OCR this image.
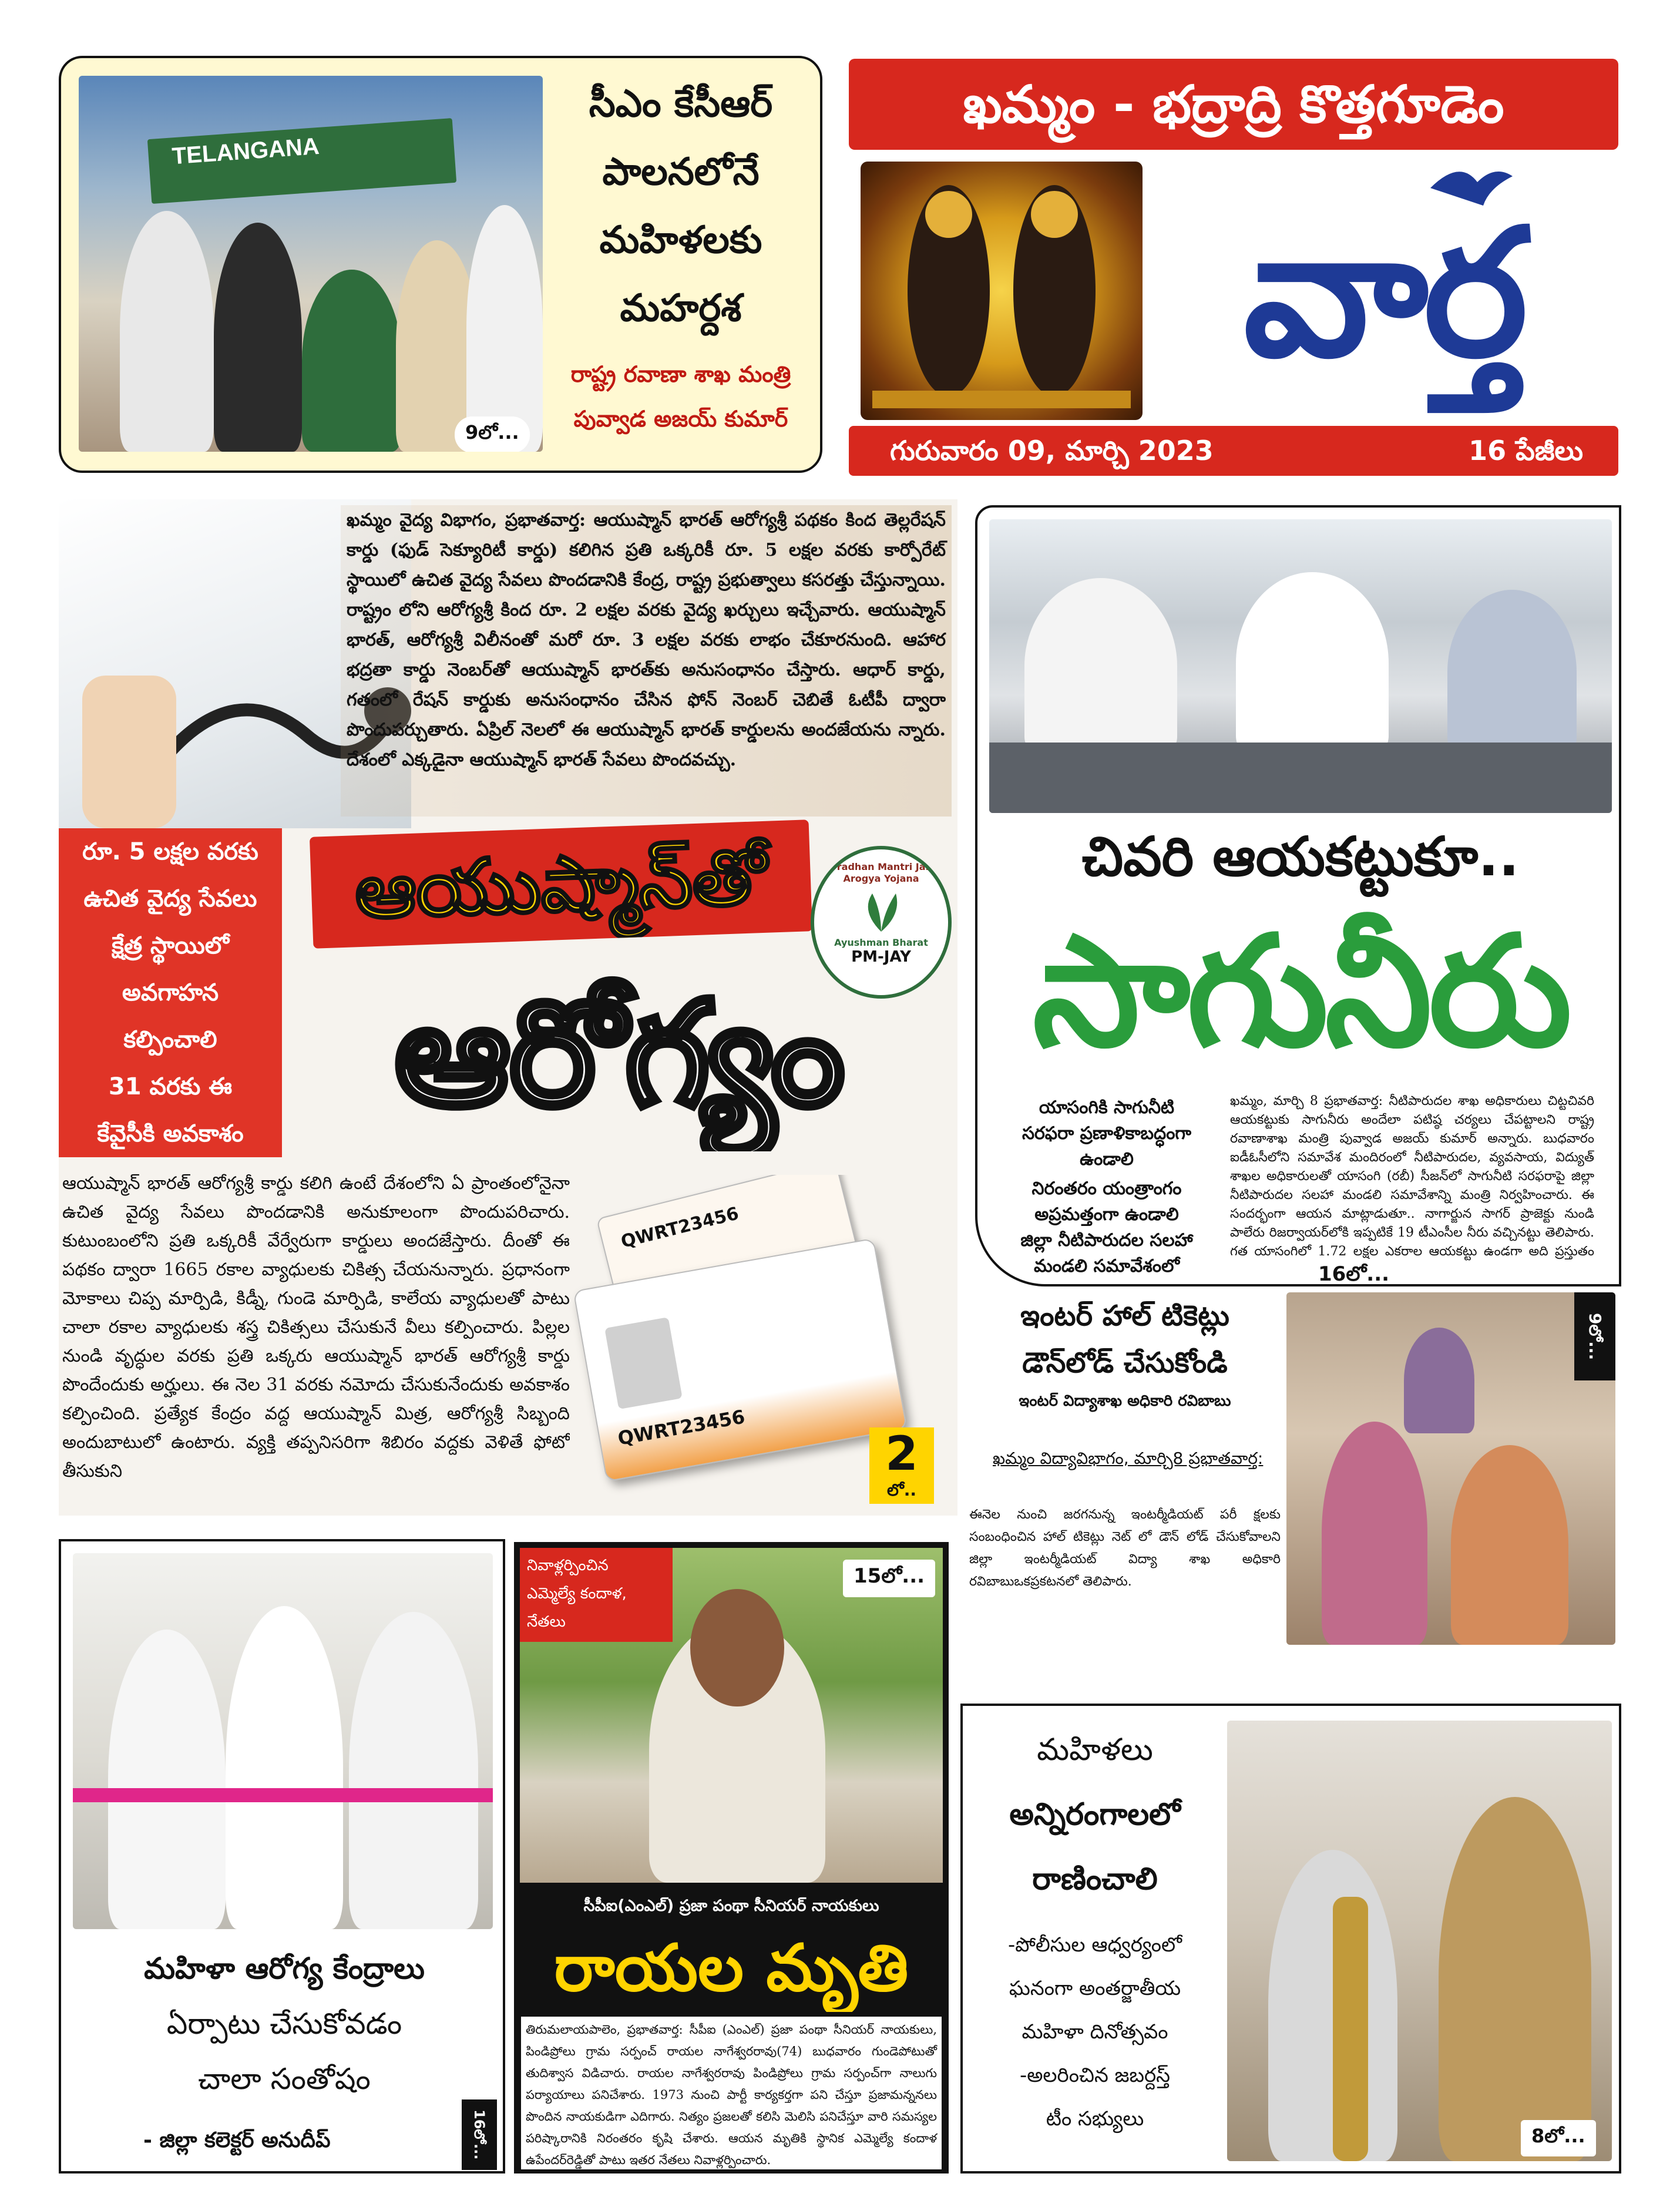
TELANGANA
9లో...
సీఎం కేసీఆర్
పాలనలోనే
మహిళలకు
మహర్దశ
రాష్ట్ర రవాణా శాఖ మంత్రి
పువ్వాడ అజయ్ కుమార్
ఖమ్మం - భద్రాద్రి కొత్తగూడెం
వార్త
గురువారం 09, మార్చి 2023	16 పేజీలు
ఖమ్మం వైద్య విభాగం, ప్రభాతవార్త: ఆయుష్మాన్ భారత్ ఆరోగ్యశ్రీ పథకం కింద తెల్లరేషన్ కార్డు (ఫుడ్ సెక్యూరిటీ కార్డు) కలిగిన ప్రతి ఒక్కరికీ రూ. 5 లక్షల వరకు కార్పోరేట్ స్థాయిలో ఉచిత వైద్య సేవలు పొందడానికి కేంద్ర, రాష్ట్ర ప్రభుత్వాలు కసరత్తు చేస్తున్నాయి. రాష్ట్రం లోని ఆరోగ్యశ్రీ కింద రూ. 2 లక్షల వరకు వైద్య ఖర్చులు ఇచ్చేవారు. ఆయుష్మాన్ భారత్, ఆరోగ్యశ్రీ విలీనంతో మరో రూ. 3 లక్షల వరకు లాభం చేకూరనుంది. ఆహార భద్రతా కార్డు నెంబర్‌తో ఆయుష్మాన్ భారత్‌కు అనుసంధానం చేస్తారు. ఆధార్ కార్డు, గతంలో రేషన్ కార్డుకు అనుసంధానం చేసిన ఫోన్ నెంబర్ చెబితే ఓటీపీ ద్వారా పొందుపర్చుతారు. ఏప్రిల్ నెలలో ఈ ఆయుష్మాన్ భారత్ కార్డులను అందజేయను న్నారు. దేశంలో ఎక్కడైనా ఆయుష్మాన్ భారత్ సేవలు పొందవచ్చు.
ఆయుష్మాన్‌తో	Pradhan Mantri Jan Arogya Yojana
Ayushman Bharat
PM-JAY
రూ. 5 లక్షల వరకు
ఉచిత వైద్య సేవలు
క్షేత్ర స్థాయిలో
అవగాహన
కల్పించాలి
31 వరకు ఈ
కేవైసీకి అవకాశం	ఆరోగ్యం
ఆయుష్మాన్ భారత్ ఆరోగ్యశ్రీ కార్డు కలిగి ఉంటే దేశంలోని ఏ ప్రాంతంలోనైనా ఉచిత వైద్య సేవలు పొందడానికి అనుకూలంగా పొందుపరిచారు. కుటుంబంలోని ప్రతి ఒక్కరికీ వేర్వేరుగా కార్డులు అందజేస్తారు. దీంతో ఈ పథకం ద్వారా 1665 రకాల వ్యాధులకు చికిత్స చేయనున్నారు. ప్రధానంగా మోకాలు చిప్ప మార్పిడి, కిడ్నీ, గుండె మార్పిడి, కాలేయ వ్యాధులతో పాటు చాలా రకాల వ్యాధులకు శస్త్ర చికిత్సలు చేసుకునే వీలు కల్పించారు. పిల్లల నుండి వృద్ధుల వరకు ప్రతి ఒక్కరు ఆయుష్మాన్ భారత్ ఆరోగ్యశ్రీ కార్డు పొందేందుకు అర్హులు. ఈ నెల 31 వరకు నమోదు చేసుకునేందుకు అవకాశం కల్పించింది. ప్రత్యేక కేంద్రం వద్ద ఆయుష్మాన్ మిత్ర, ఆరోగ్యశ్రీ సిబ్బంది అందుబాటులో ఉంటారు. వ్యక్తి తప్పనిసరిగా శిబిరం వద్దకు వెళితే ఫోటో తీసుకుని
QWRT23456
QWRT23456	2
లో..
చివరి ఆయకట్టుకూ..
సాగునీరు
యాసంగికి సాగునీటి
సరఫరా ప్రణాళికాబద్ధంగా
ఉండాలి
నిరంతరం యంత్రాంగం
అప్రమత్తంగా ఉండాలి
జిల్లా నీటిపారుదల సలహా
మండలి సమావేశంలో
ఖమ్మం, మార్చి 8 ప్రభాతవార్త: నీటిపారుదల శాఖ అధికారులు చిట్టచివరి ఆయకట్టుకు సాగునీరు అందేలా పటిష్ఠ చర్యలు చేపట్టాలని రాష్ట్ర రవాణాశాఖ మంత్రి పువ్వాడ అజయ్ కుమార్ అన్నారు. బుధవారం ఐడీఓసీలోని సమావేశ మందిరంలో నీటిపారుదల, వ్యవసాయ, విద్యుత్ శాఖల అధికారులతో యాసంగి (రబీ) సీజన్‌లో సాగునీటి సరఫరాపై జిల్లా నీటిపారుదల సలహా మండలి సమావేశాన్ని మంత్రి నిర్వహించారు. ఈ సందర్భంగా ఆయన మాట్లాడుతూ.. నాగార్జున సాగర్ ప్రాజెక్టు నుండి పాలేరు రిజర్వాయర్‌లోకి ఇప్పటికే 19 టీఎంసీల నీరు వచ్చినట్టు తెలిపారు. గత యాసంగిలో 1.72 లక్షల ఎకరాల ఆయకట్టు ఉండగా అది ప్రస్తుతం
16లో...
ఇంటర్ హాల్ టికెట్లు
డౌన్‌లోడ్ చేసుకోండి
ఇంటర్ విద్యాశాఖ అధికారి రవిబాబు
ఖమ్మం విద్యావిభాగం, మార్చి8 ప్రభాతవార్త:
ఈనెల నుంచి జరగనున్న ఇంటర్మీడియట్ పరీ క్షలకు సంబంధించిన హాల్ టికెట్లు నెట్ లో డౌన్ లోడ్ చేసుకోవాలని జిల్లా ఇంటర్మీడియట్ విద్యా శాఖ అధికారి రవిబాబుఒకప్రకటనలో తెలిపారు.
9లో...
మహిళా ఆరోగ్య కేంద్రాలు
ఏర్పాటు చేసుకోవడం
చాలా సంతోషం
- జిల్లా కలెక్టర్ అనుదీప్	16లో...
నివాళ్లర్పించిన
ఎమ్మెల్యే కందాళ,
నేతలు
15లో...
సీపీఐ(ఎంఎల్) ప్రజా పంథా సీనియర్ నాయకులు
రాయల మృతి
తిరుమలాయపాలెం, ప్రభాతవార్త: సీపీఐ (ఎంఎల్) ప్రజా పంథా సీనియర్ నాయకులు, పిండిప్రోలు గ్రామ సర్పంచ్ రాయల నాగేశ్వరరావు(74) బుధవారం గుండెపోటుతో తుదిశ్వాస విడిచారు. రాయల నాగేశ్వరరావు పిండిప్రోలు గ్రామ సర్పంచ్‌గా నాలుగు పర్యాయాలు పనిచేశారు. 1973 నుంచి పార్టీ కార్యకర్తగా పని చేస్తూ ప్రజామన్ననలు పొందిన నాయకుడిగా ఎదిగారు. నిత్యం ప్రజలతో కలిసి మెలిసి పనిచేస్తూ వారి సమస్యల పరిష్కారానికి నిరంతరం కృషి చేశారు. ఆయన మృతికి స్థానిక ఎమ్మెల్యే కందాళ ఉపేందర్‌రెడ్డితో పాటు ఇతర నేతలు నివాళ్లర్పించారు.
మహిళలు
అన్నిరంగాలలో
రాణించాలి
-పోలీసుల ఆధ్వర్యంలో
ఘనంగా అంతర్జాతీయ
మహిళా దినోత్సవం
-అలరించిన జబర్దస్త్
టీం సభ్యులు
8లో...
